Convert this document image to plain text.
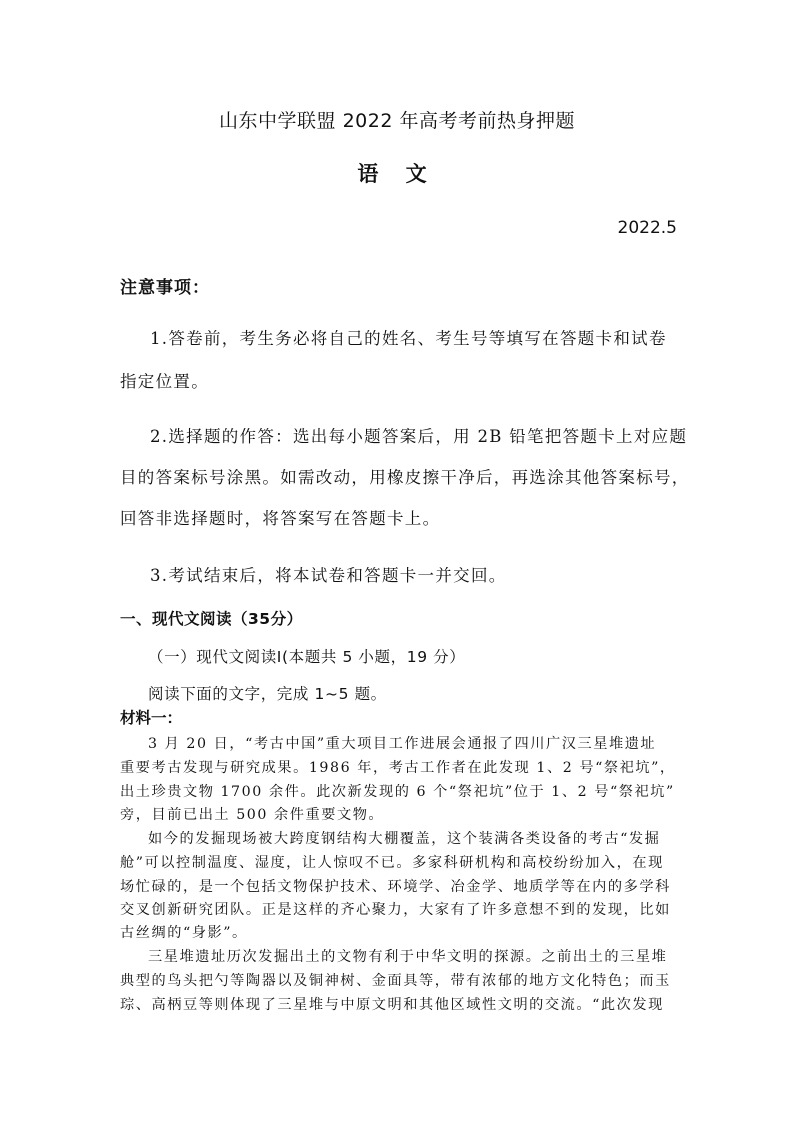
山东中学联盟 2022 年高考考前热身押题
语 文
2022.5
注意事项：
1.答卷前，考生务必将自己的姓名、考生号等填写在答题卡和试卷
指定位置。
2.选择题的作答：选出每小题答案后，用 2B 铅笔把答题卡上对应题
目的答案标号涂黑。如需改动，用橡皮擦干净后，再选涂其他答案标号，
回答非选择题时，将答案写在答题卡上。
3.考试结束后，将本试卷和答题卡一并交回。
一、现代文阅读（35分）
（一）现代文阅读Ⅰ(本题共 5 小题，19 分）
阅读下面的文字，完成 1~5 题。
材料一：
3 月 20 日，“考古中国”重大项目工作进展会通报了四川广汉三星堆遗址
重要考古发现与研究成果。1986 年，考古工作者在此发现 1、2 号“祭祀坑”，
出土珍贵文物 1700 余件。此次新发现的 6 个“祭祀坑”位于 1、2 号“祭祀坑”
旁，目前已出土 500 余件重要文物。
如今的发掘现场被大跨度钢结构大棚覆盖，这个装满各类设备的考古“发掘
舱”可以控制温度、湿度，让人惊叹不已。多家科研机构和高校纷纷加入，在现
场忙碌的，是一个包括文物保护技术、环境学、冶金学、地质学等在内的多学科
交叉创新研究团队。正是这样的齐心聚力，大家有了许多意想不到的发现，比如
古丝绸的“身影”。
三星堆遗址历次发掘出土的文物有利于中华文明的探源。之前出土的三星堆
典型的鸟头把勺等陶器以及铜神树、金面具等，带有浓郁的地方文化特色；而玉
琮、高柄豆等则体现了三星堆与中原文明和其他区域性文明的交流。“此次发现
